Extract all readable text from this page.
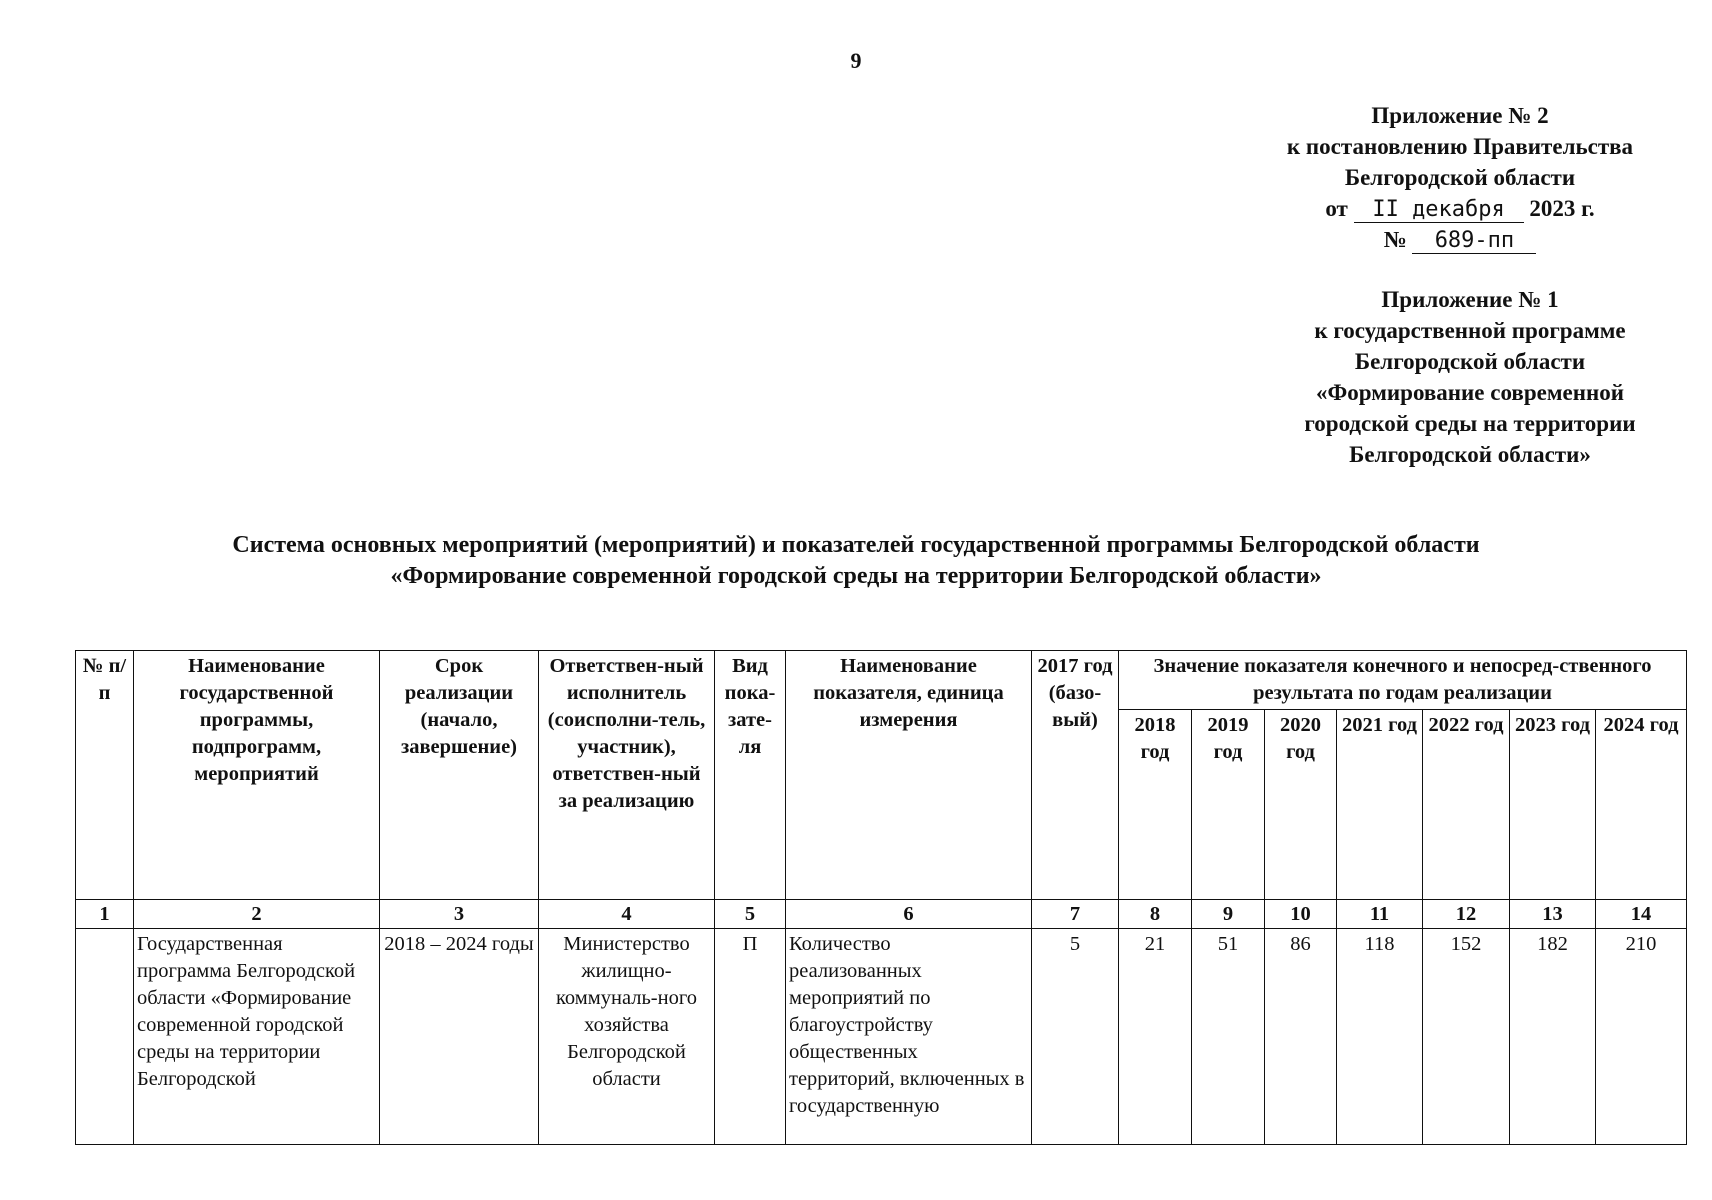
9
Приложение № 2
к постановлению Правительства
Белгородской области
от II декабря 2023 г.
№ 689-пп
Приложение № 1
к государственной программе
Белгородской области
«Формирование современной
городской среды на территории
Белгородской области»
Система основных мероприятий (мероприятий) и показателей государственной программы Белгородской области
«Формирование современной городской среды на территории Белгородской области»
№ п/п	Наименование государственной программы, подпрограмм, мероприятий	Срок реализации (начало, завершение)	Ответствен-ный исполнитель (соисполни-тель, участник), ответствен-ный за реализацию	Вид пока-зате-ля	Наименование показателя, единица измерения	2017 год (базо-вый)	Значение показателя конечного и непосред-ственного результата по годам реализации						
							2018 год	2019 год	2020 год	2021 год	2022 год	2023 год	2024 год
1	2	3	4	5	6	7	8	9	10	11	12	13	14
	Государственная программа Белгородской области «Формирование современной городской среды на территории Белгородской	2018 – 2024 годы	Министерство жилищно-коммуналь-ного хозяйства Белгородской области	П	Количество реализованных мероприятий по благоустройству общественных территорий, включенных в государственную	5	21	51	86	118	152	182	210
